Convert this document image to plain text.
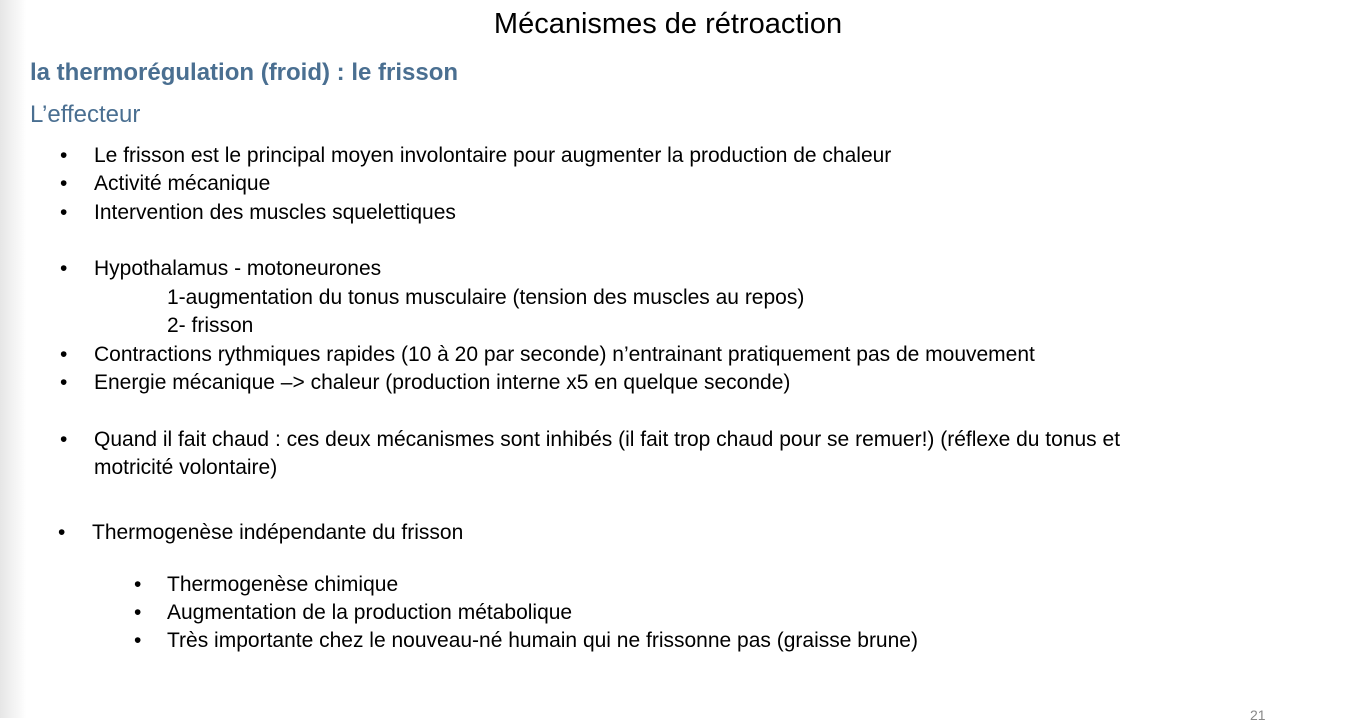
Mécanismes de rétroaction
la thermorégulation (froid) : le frisson
L’effecteur
• Le frisson est le principal moyen involontaire pour augmenter la production de chaleur
• Activité mécanique
• Intervention des muscles squelettiques
• Hypothalamus - motoneurones
1-augmentation du tonus musculaire (tension des muscles au repos)
2- frisson
• Contractions rythmiques rapides (10 à 20 par seconde) n’entrainant pratiquement pas de mouvement
• Energie mécanique –> chaleur (production interne x5 en quelque seconde)
• Quand il fait chaud : ces deux mécanismes sont inhibés (il fait trop chaud pour se remuer!) (réflexe du tonus et
motricité volontaire)
• Thermogenèse indépendante du frisson
• Thermogenèse chimique
• Augmentation de la production métabolique
• Très importante chez le nouveau-né humain qui ne frissonne pas (graisse brune)
21
